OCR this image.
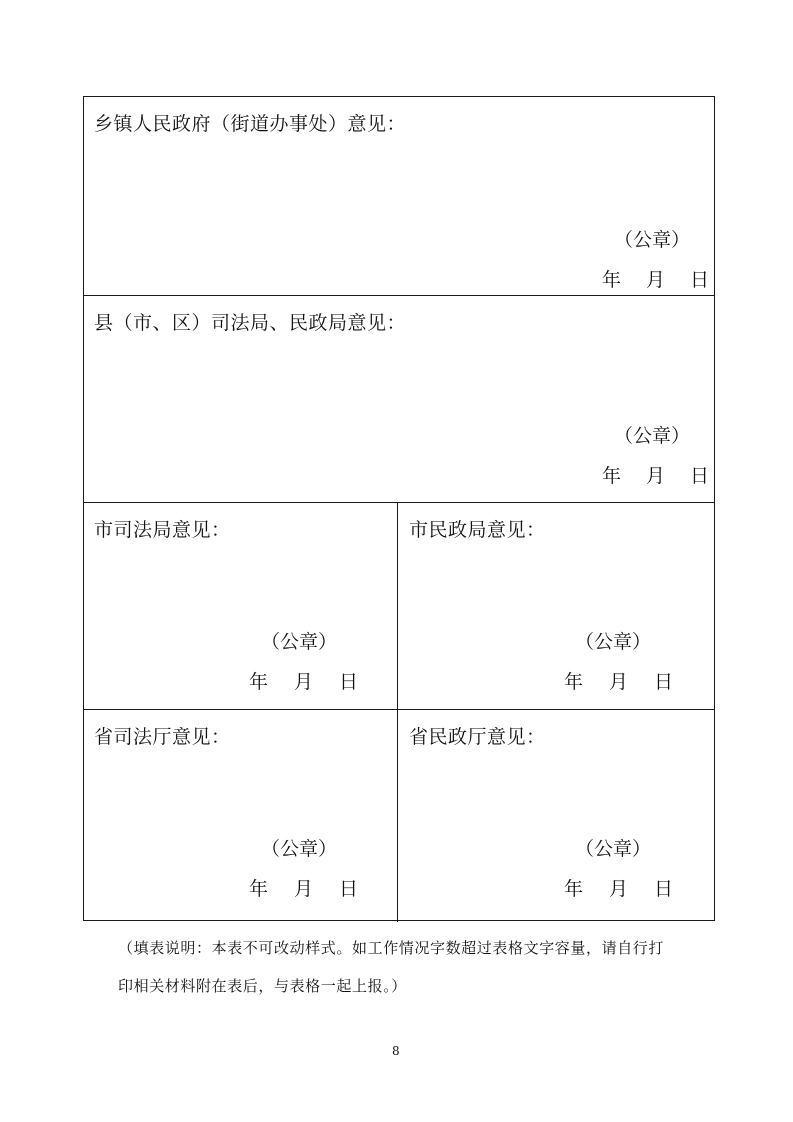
乡镇人民政府（街道办事处）意见：
（公章）
年	月	日
县（市、区）司法局、民政局意见：
（公章）
年	月	日
市司法局意见：
（公章）
年	月	日
市民政局意见：
（公章）
年	月	日
省司法厅意见：
（公章）
年	月	日
省民政厅意见：
（公章）
年	月	日
（填表说明：本表不可改动样式。如工作情况字数超过表格文字容量，请自行打
印相关材料附在表后，与表格一起上报。）
8
